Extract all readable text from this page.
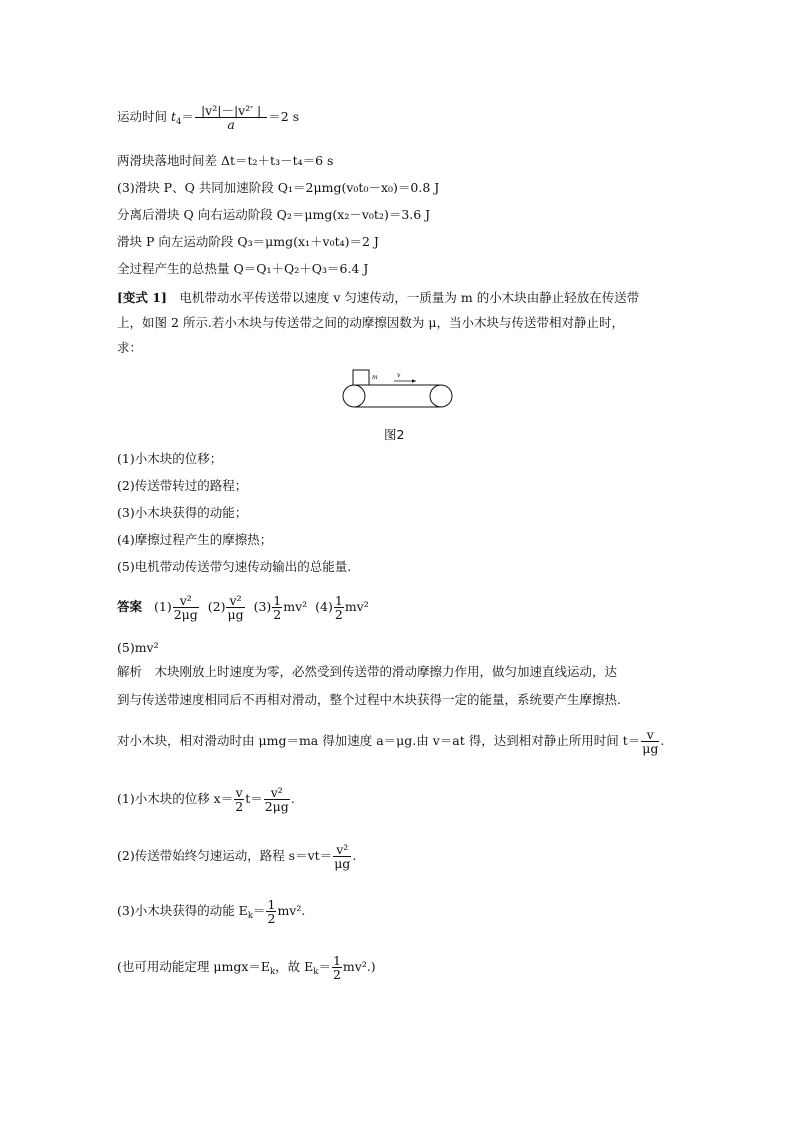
运动时间 $t_4= \frac{\text{|v²|－|v²′ |}}{a} =2$ s
两滑块落地时间差 Δt＝t₂＋t₃－t₄＝6 s
(3)滑块 P、Q 共同加速阶段 Q₁＝2μmg(v₀t₀－x₀)＝0.8 J
分离后滑块 Q 向右运动阶段 Q₂＝μmg(x₂－v₀t₂)＝3.6 J
滑块 P 向左运动阶段 Q₃＝μmg(x₁＋v₀t₄)＝2 J
全过程产生的总热量 Q＝Q₁＋Q₂＋Q₃＝6.4 J
[变式 1]　电机带动水平传送带以速度 v 匀速传动，一质量为 m 的小木块由静止轻放在传送带
上，如图 2 所示.若小木块与传送带之间的动摩擦因数为 μ，当小木块与传送带相对静止时，
求：
m	v
图2
(1)小木块的位移；
(2)传送带转过的路程；
(3)小木块获得的动能；
(4)摩擦过程产生的摩擦热；
(5)电机带动传送带匀速传动输出的总能量.
答案 $(1) \frac{\text{v²}}{2\mu g} (2) \frac{\text{v²}}{\mu g} (3) \frac{1}{2} mv^2$ $(4) \frac{1}{2} mv^2$
(5)mv²
解析　木块刚放上时速度为零，必然受到传送带的滑动摩擦力作用，做匀加速直线运动，达
到与传送带速度相同后不再相对滑动，整个过程中木块获得一定的能量，系统要产生摩擦热.
对小木块，相对滑动时由 μmg＝ma 得加速度 a＝μg.由 v＝at 得，达到相对静止所用时间 $t= \frac{v}{\mu g}$ .
(1)小木块的位移 $x= \frac{v}{2} t= \frac{\text{v²}}{2\mu g}$ .
(2)传送带始终匀速运动，路程 $s=vt= \frac{\text{v²}}{\mu g}$ .
(3)小木块获得的动能 $E_k= \frac{1}{2} mv^2$.
(也可用动能定理 $\mu mgx=E_k$，故 $E_k= \frac{1}{2} mv^2$.)
